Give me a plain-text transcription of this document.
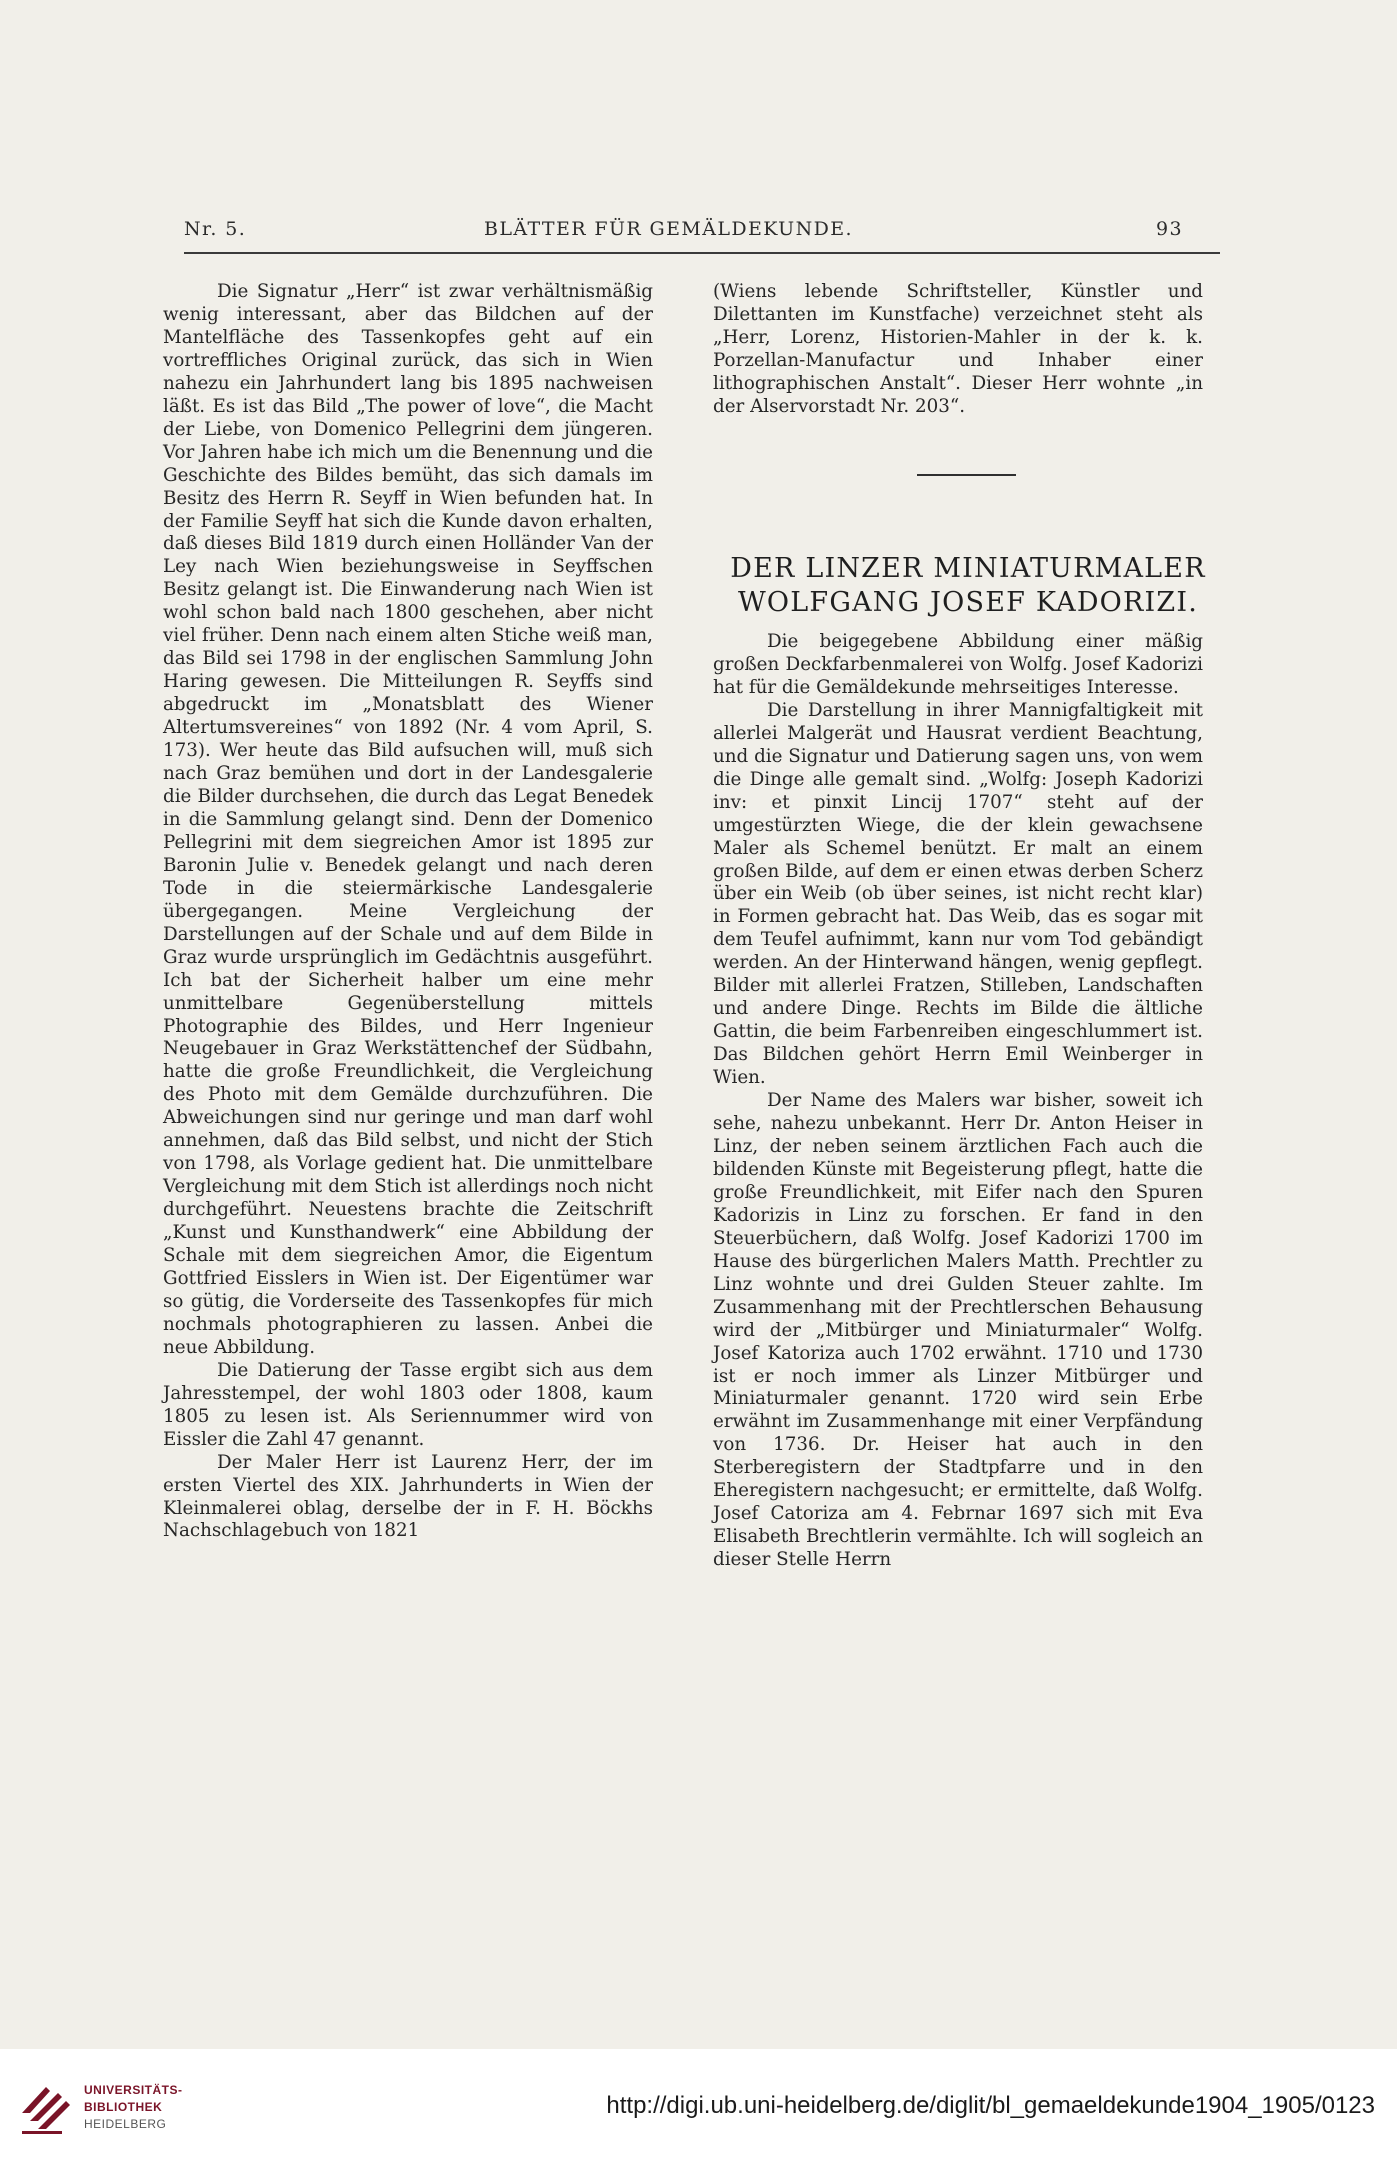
Nr. 5.	BLÄTTER FÜR GEMÄLDEKUNDE.	93

Die Signatur „Herr“ ist zwar verhältnismäßig wenig interessant, aber das Bildchen auf der Mantelfläche des Tassenkopfes geht auf ein vortreffliches Original zurück, das sich in Wien nahezu ein Jahrhundert lang bis 1895 nachweisen läßt. Es ist das Bild „The power of love“, die Macht der Liebe, von Domenico Pellegrini dem jüngeren. Vor Jahren habe ich mich um die Benennung und die Geschichte des Bildes bemüht, das sich damals im Besitz des Herrn R. Seyff in Wien befunden hat. In der Familie Seyff hat sich die Kunde davon erhalten, daß dieses Bild 1819 durch einen Holländer Van der Ley nach Wien beziehungsweise in Seyffschen Besitz gelangt ist. Die Einwanderung nach Wien ist wohl schon bald nach 1800 geschehen, aber nicht viel früher. Denn nach einem alten Stiche weiß man, das Bild sei 1798 in der englischen Sammlung John Haring gewesen. Die Mitteilungen R. Seyffs sind abgedruckt im „Monatsblatt des Wiener Altertumsvereines“ von 1892 (Nr. 4 vom April, S. 173). Wer heute das Bild aufsuchen will, muß sich nach Graz bemühen und dort in der Landesgalerie die Bilder durchsehen, die durch das Legat Benedek in die Sammlung gelangt sind. Denn der Domenico Pellegrini mit dem siegreichen Amor ist 1895 zur Baronin Julie v. Benedek gelangt und nach deren Tode in die steiermärkische Landesgalerie übergegangen. Meine Vergleichung der Darstellungen auf der Schale und auf dem Bilde in Graz wurde ursprünglich im Gedächtnis ausgeführt. Ich bat der Sicherheit halber um eine mehr unmittelbare Gegenüberstellung mittels Photographie des Bildes, und Herr Ingenieur Neugebauer in Graz Werkstättenchef der Südbahn, hatte die große Freundlichkeit, die Vergleichung des Photo mit dem Gemälde durchzuführen. Die Abweichungen sind nur geringe und man darf wohl annehmen, daß das Bild selbst, und nicht der Stich von 1798, als Vorlage gedient hat. Die unmittelbare Vergleichung mit dem Stich ist allerdings noch nicht durchgeführt. Neuestens brachte die Zeitschrift „Kunst und Kunsthandwerk“ eine Abbildung der Schale mit dem siegreichen Amor, die Eigentum Gottfried Eisslers in Wien ist. Der Eigentümer war so gütig, die Vorderseite des Tassenkopfes für mich nochmals photographieren zu lassen. Anbei die neue Abbildung.

Die Datierung der Tasse ergibt sich aus dem Jahresstempel, der wohl 1803 oder 1808, kaum 1805 zu lesen ist. Als Seriennummer wird von Eissler die Zahl 47 genannt.

Der Maler Herr ist Laurenz Herr, der im ersten Viertel des XIX. Jahrhunderts in Wien der Kleinmalerei oblag, derselbe der in F. H. Böckhs Nachschlagebuch von 1821

(Wiens lebende Schriftsteller, Künstler und Dilettanten im Kunstfache) verzeichnet steht als „Herr, Lorenz, Historien-Mahler in der k. k. Porzellan-Manufactur und Inhaber einer lithographischen Anstalt“. Dieser Herr wohnte „in der Alservorstadt Nr. 203“.

DER LINZER MINIATURMALER
WOLFGANG JOSEF KADORIZI.

Die beigegebene Abbildung einer mäßig großen Deckfarbenmalerei von Wolfg. Josef Kadorizi hat für die Gemäldekunde mehrseitiges Interesse.

Die Darstellung in ihrer Mannigfaltigkeit mit allerlei Malgerät und Hausrat verdient Beachtung, und die Signatur und Datierung sagen uns, von wem die Dinge alle gemalt sind. „Wolfg: Joseph Kadorizi inv: et pinxit Lincij 1707“ steht auf der umgestürzten Wiege, die der klein gewachsene Maler als Schemel benützt. Er malt an einem großen Bilde, auf dem er einen etwas derben Scherz über ein Weib (ob über seines, ist nicht recht klar) in Formen gebracht hat. Das Weib, das es sogar mit dem Teufel aufnimmt, kann nur vom Tod gebändigt werden. An der Hinterwand hängen, wenig gepflegt. Bilder mit allerlei Fratzen, Stilleben, Landschaften und andere Dinge. Rechts im Bilde die ältliche Gattin, die beim Farbenreiben eingeschlummert ist. Das Bildchen gehört Herrn Emil Weinberger in Wien.

Der Name des Malers war bisher, soweit ich sehe, nahezu unbekannt. Herr Dr. Anton Heiser in Linz, der neben seinem ärztlichen Fach auch die bildenden Künste mit Begeisterung pflegt, hatte die große Freundlichkeit, mit Eifer nach den Spuren Kadorizis in Linz zu forschen. Er fand in den Steuerbüchern, daß Wolfg. Josef Kadorizi 1700 im Hause des bürgerlichen Malers Matth. Prechtler zu Linz wohnte und drei Gulden Steuer zahlte. Im Zusammenhang mit der Prechtlerschen Behausung wird der „Mitbürger und Miniaturmaler“ Wolfg. Josef Katoriza auch 1702 erwähnt. 1710 und 1730 ist er noch immer als Linzer Mitbürger und Miniaturmaler genannt. 1720 wird sein Erbe erwähnt im Zusammenhange mit einer Verpfändung von 1736. Dr. Heiser hat auch in den Sterberegistern der Stadtpfarre und in den Eheregistern nachgesucht; er ermittelte, daß Wolfg. Josef Catoriza am 4. Febrnar 1697 sich mit Eva Elisabeth Brechtlerin vermählte. Ich will sogleich an dieser Stelle Herrn

UNIVERSITÄTS-
BIBLIOTHEK
HEIDELBERG
http://digi.ub.uni-heidelberg.de/diglit/bl_gemaeldekunde1904_1905/0123
